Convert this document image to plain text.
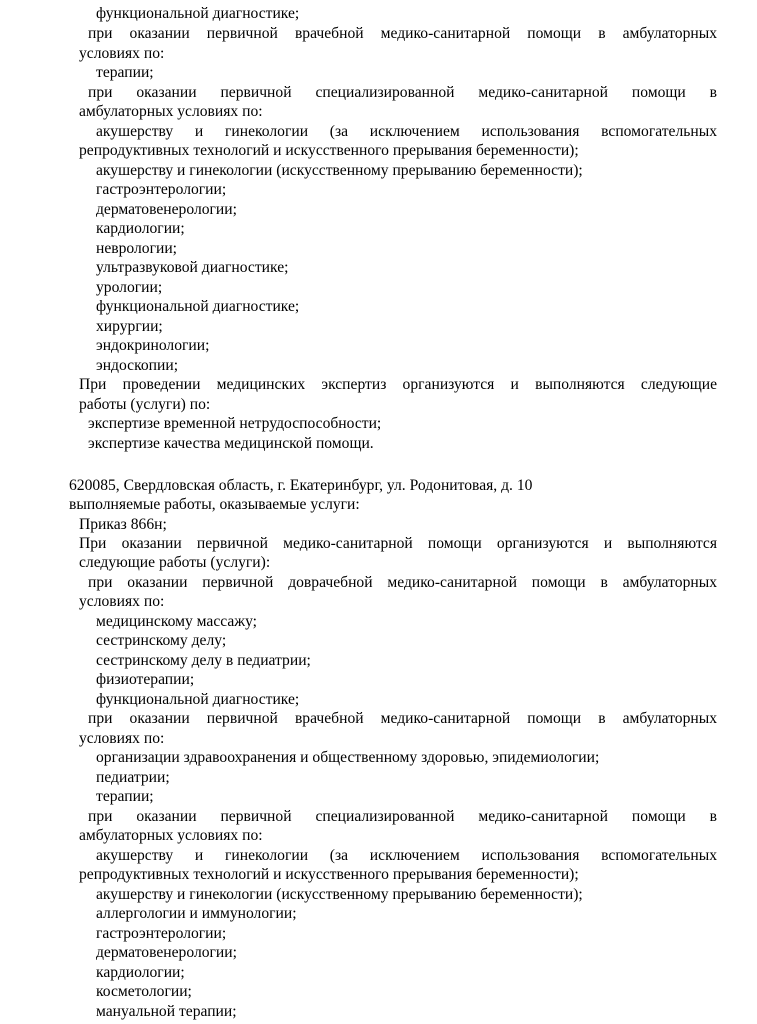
функциональной диагностике;
при оказании первичной врачебной медико-санитарной помощи в амбулаторных
условиях по:
терапии;
при оказании первичной специализированной медико-санитарной помощи в
амбулаторных условиях по:
акушерству и гинекологии (за исключением использования вспомогательных
репродуктивных технологий и искусственного прерывания беременности);
акушерству и гинекологии (искусственному прерыванию беременности);
гастроэнтерологии;
дерматовенерологии;
кардиологии;
неврологии;
ультразвуковой диагностике;
урологии;
функциональной диагностике;
хирургии;
эндокринологии;
эндоскопии;
При проведении медицинских экспертиз организуются и выполняются следующие
работы (услуги) по:
экспертизе временной нетрудоспособности;
экспертизе качества медицинской помощи.
620085, Свердловская область, г. Екатеринбург, ул. Родонитовая, д. 10
выполняемые работы, оказываемые услуги:
Приказ 866н;
При оказании первичной медико-санитарной помощи организуются и выполняются
следующие работы (услуги):
при оказании первичной доврачебной медико-санитарной помощи в амбулаторных
условиях по:
медицинскому массажу;
сестринскому делу;
сестринскому делу в педиатрии;
физиотерапии;
функциональной диагностике;
при оказании первичной врачебной медико-санитарной помощи в амбулаторных
условиях по:
организации здравоохранения и общественному здоровью, эпидемиологии;
педиатрии;
терапии;
при оказании первичной специализированной медико-санитарной помощи в
амбулаторных условиях по:
акушерству и гинекологии (за исключением использования вспомогательных
репродуктивных технологий и искусственного прерывания беременности);
акушерству и гинекологии (искусственному прерыванию беременности);
аллергологии и иммунологии;
гастроэнтерологии;
дерматовенерологии;
кардиологии;
косметологии;
мануальной терапии;
